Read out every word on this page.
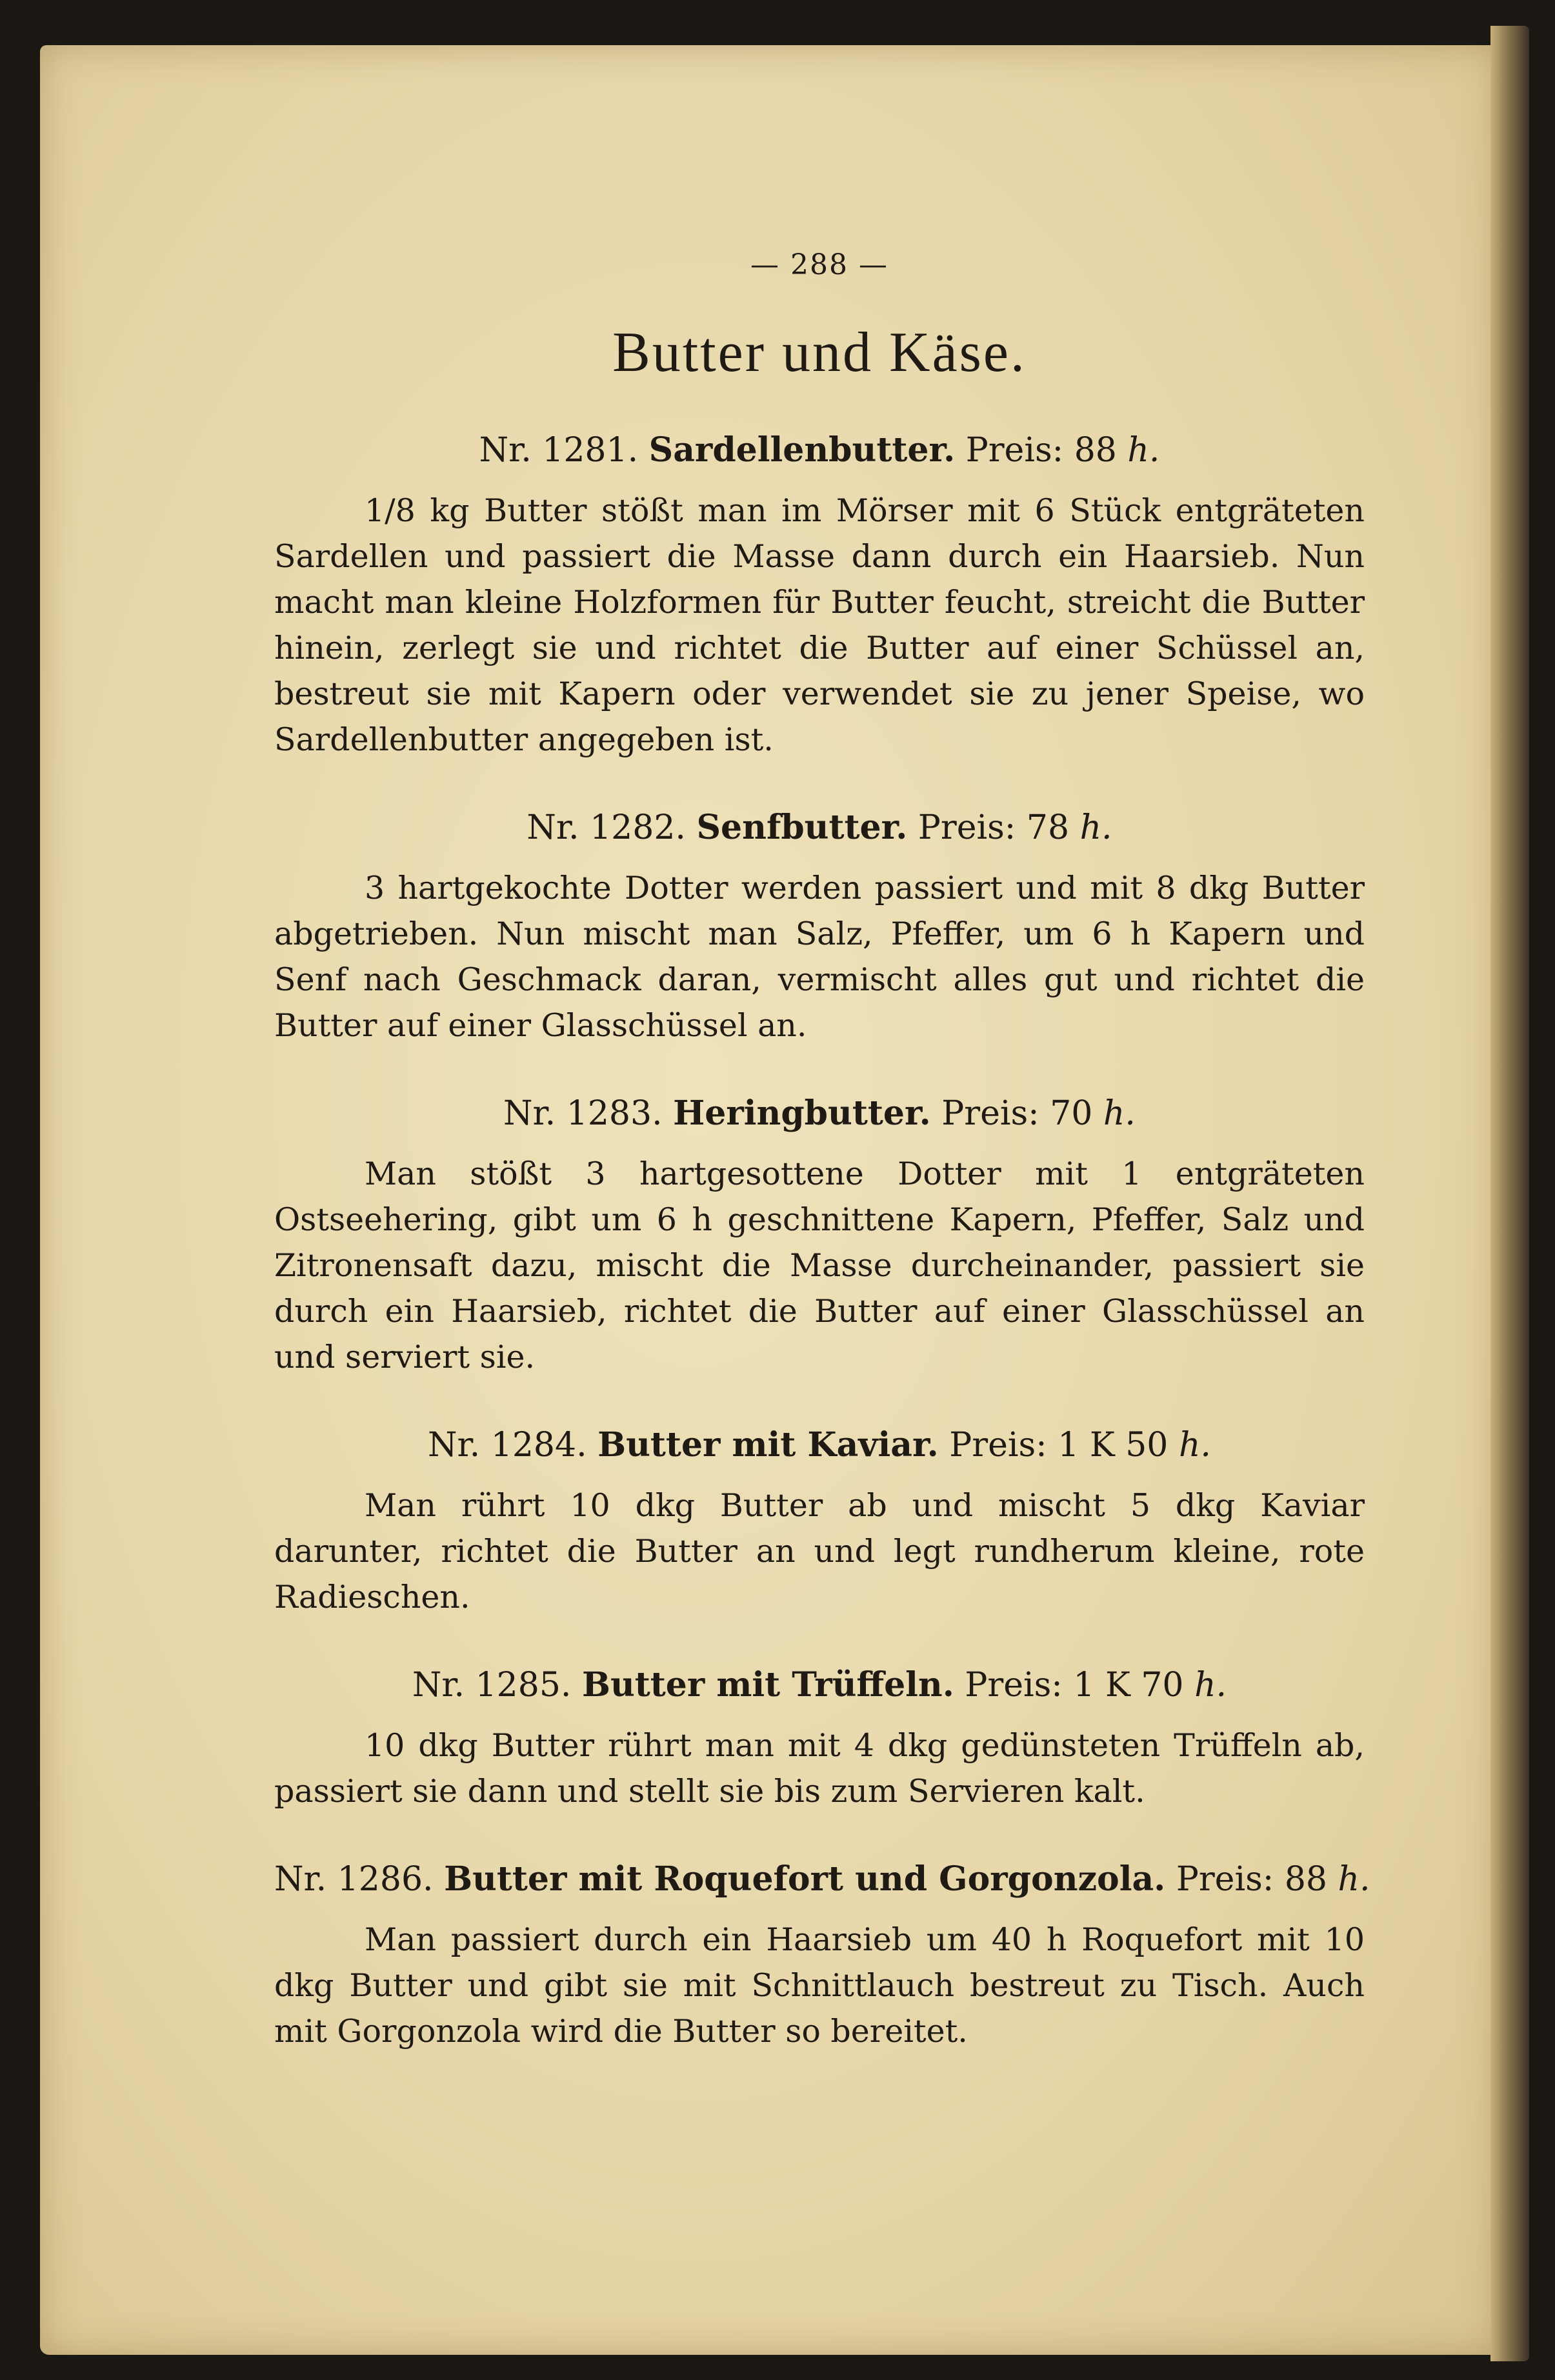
— 288 —
Butter und Käse.
Nr. 1281. Sardellenbutter. Preis: 88 h.

1/8 kg Butter stößt man im Mörser mit 6 Stück entgräteten Sardellen und passiert die Masse dann durch ein Haarsieb. Nun macht man kleine Holzformen für Butter feucht, streicht die Butter hinein, zerlegt sie und richtet die Butter auf einer Schüssel an, bestreut sie mit Kapern oder verwendet sie zu jener Speise, wo Sardellenbutter angegeben ist.

Nr. 1282. Senfbutter. Preis: 78 h.

3 hartgekochte Dotter werden passiert und mit 8 dkg Butter abgetrieben. Nun mischt man Salz, Pfeffer, um 6 h Kapern und Senf nach Geschmack daran, vermischt alles gut und richtet die Butter auf einer Glasschüssel an.

Nr. 1283. Heringbutter. Preis: 70 h.

Man stößt 3 hartgesottene Dotter mit 1 entgräteten Ostseehering, gibt um 6 h geschnittene Kapern, Pfeffer, Salz und Zitronensaft dazu, mischt die Masse durcheinander, passiert sie durch ein Haarsieb, richtet die Butter auf einer Glasschüssel an und serviert sie.

Nr. 1284. Butter mit Kaviar. Preis: 1 K 50 h.

Man rührt 10 dkg Butter ab und mischt 5 dkg Kaviar darunter, richtet die Butter an und legt rundherum kleine, rote Radieschen.

Nr. 1285. Butter mit Trüffeln. Preis: 1 K 70 h.

10 dkg Butter rührt man mit 4 dkg gedünsteten Trüffeln ab, passiert sie dann und stellt sie bis zum Servieren kalt.

Nr. 1286. Butter mit Roquefort und Gorgonzola. Preis: 88 h.

Man passiert durch ein Haarsieb um 40 h Roquefort mit 10 dkg Butter und gibt sie mit Schnittlauch bestreut zu Tisch. Auch mit Gorgonzola wird die Butter so bereitet.
